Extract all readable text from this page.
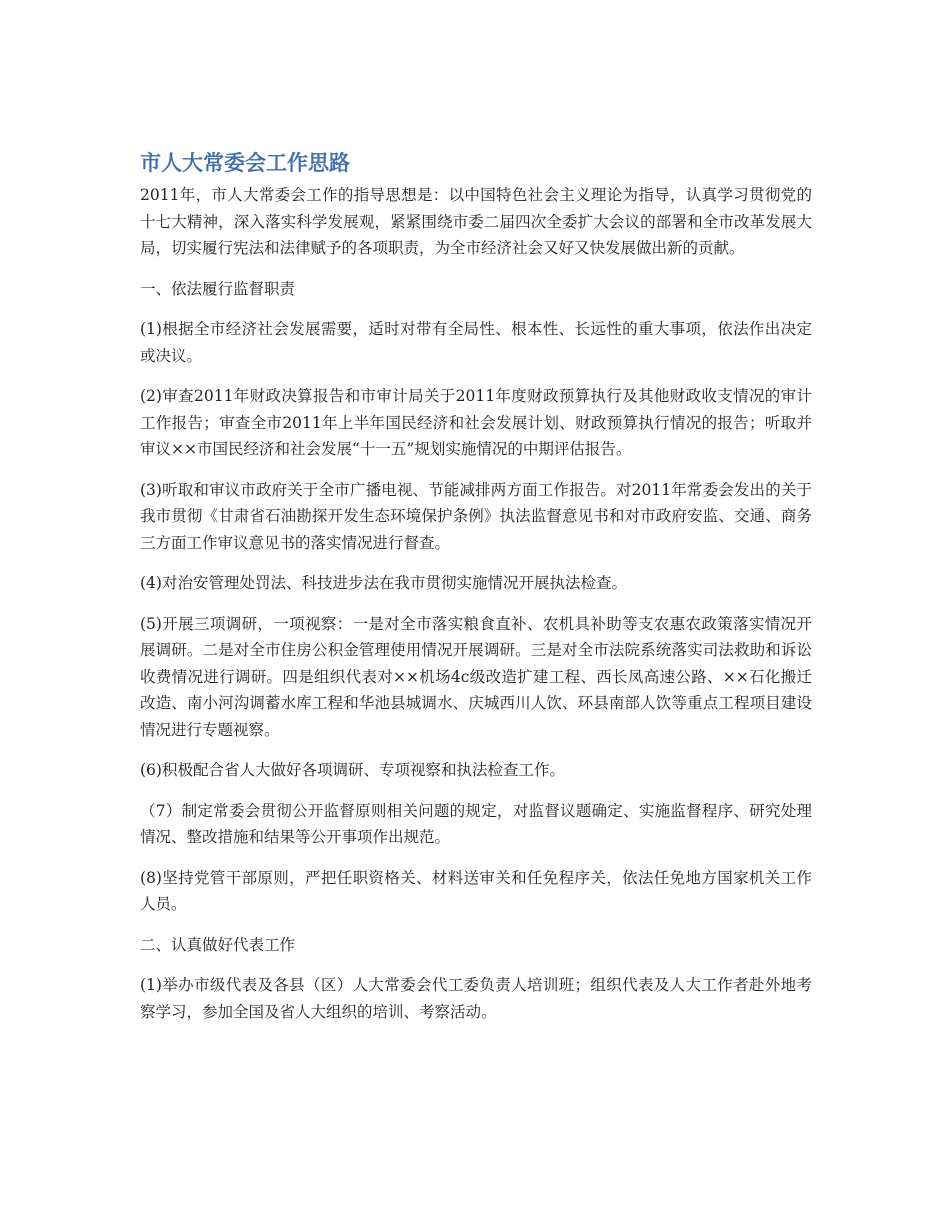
市人大常委会工作思路

2011年，市人大常委会工作的指导思想是：以中国特色社会主义理论为指导，认真学习贯彻党的十七大精神，深入落实科学发展观，紧紧围绕市委二届四次全委扩大会议的部署和全市改革发展大局，切实履行宪法和法律赋予的各项职责，为全市经济社会又好又快发展做出新的贡献。

一、依法履行监督职责

(1)根据全市经济社会发展需要，适时对带有全局性、根本性、长远性的重大事项，依法作出决定或决议。

(2)审查2011年财政决算报告和市审计局关于2011年度财政预算执行及其他财政收支情况的审计工作报告；审查全市2011年上半年国民经济和社会发展计划、财政预算执行情况的报告；听取并审议××市国民经济和社会发展“十一五”规划实施情况的中期评估报告。

(3)听取和审议市政府关于全市广播电视、节能减排两方面工作报告。对2011年常委会发出的关于我市贯彻《甘肃省石油勘探开发生态环境保护条例》执法监督意见书和对市政府安监、交通、商务三方面工作审议意见书的落实情况进行督查。

(4)对治安管理处罚法、科技进步法在我市贯彻实施情况开展执法检查。

(5)开展三项调研，一项视察：一是对全市落实粮食直补、农机具补助等支农惠农政策落实情况开展调研。二是对全市住房公积金管理使用情况开展调研。三是对全市法院系统落实司法救助和诉讼收费情况进行调研。四是组织代表对××机场4c级改造扩建工程、西长凤高速公路、××石化搬迁改造、南小河沟调蓄水库工程和华池县城调水、庆城西川人饮、环县南部人饮等重点工程项目建设情况进行专题视察。

(6)积极配合省人大做好各项调研、专项视察和执法检查工作。

（7）制定常委会贯彻公开监督原则相关问题的规定，对监督议题确定、实施监督程序、研究处理情况、整改措施和结果等公开事项作出规范。

(8)坚持党管干部原则，严把任职资格关、材料送审关和任免程序关，依法任免地方国家机关工作人员。

二、认真做好代表工作

(1)举办市级代表及各县（区）人大常委会代工委负责人培训班；组织代表及人大工作者赴外地考察学习，参加全国及省人大组织的培训、考察活动。
